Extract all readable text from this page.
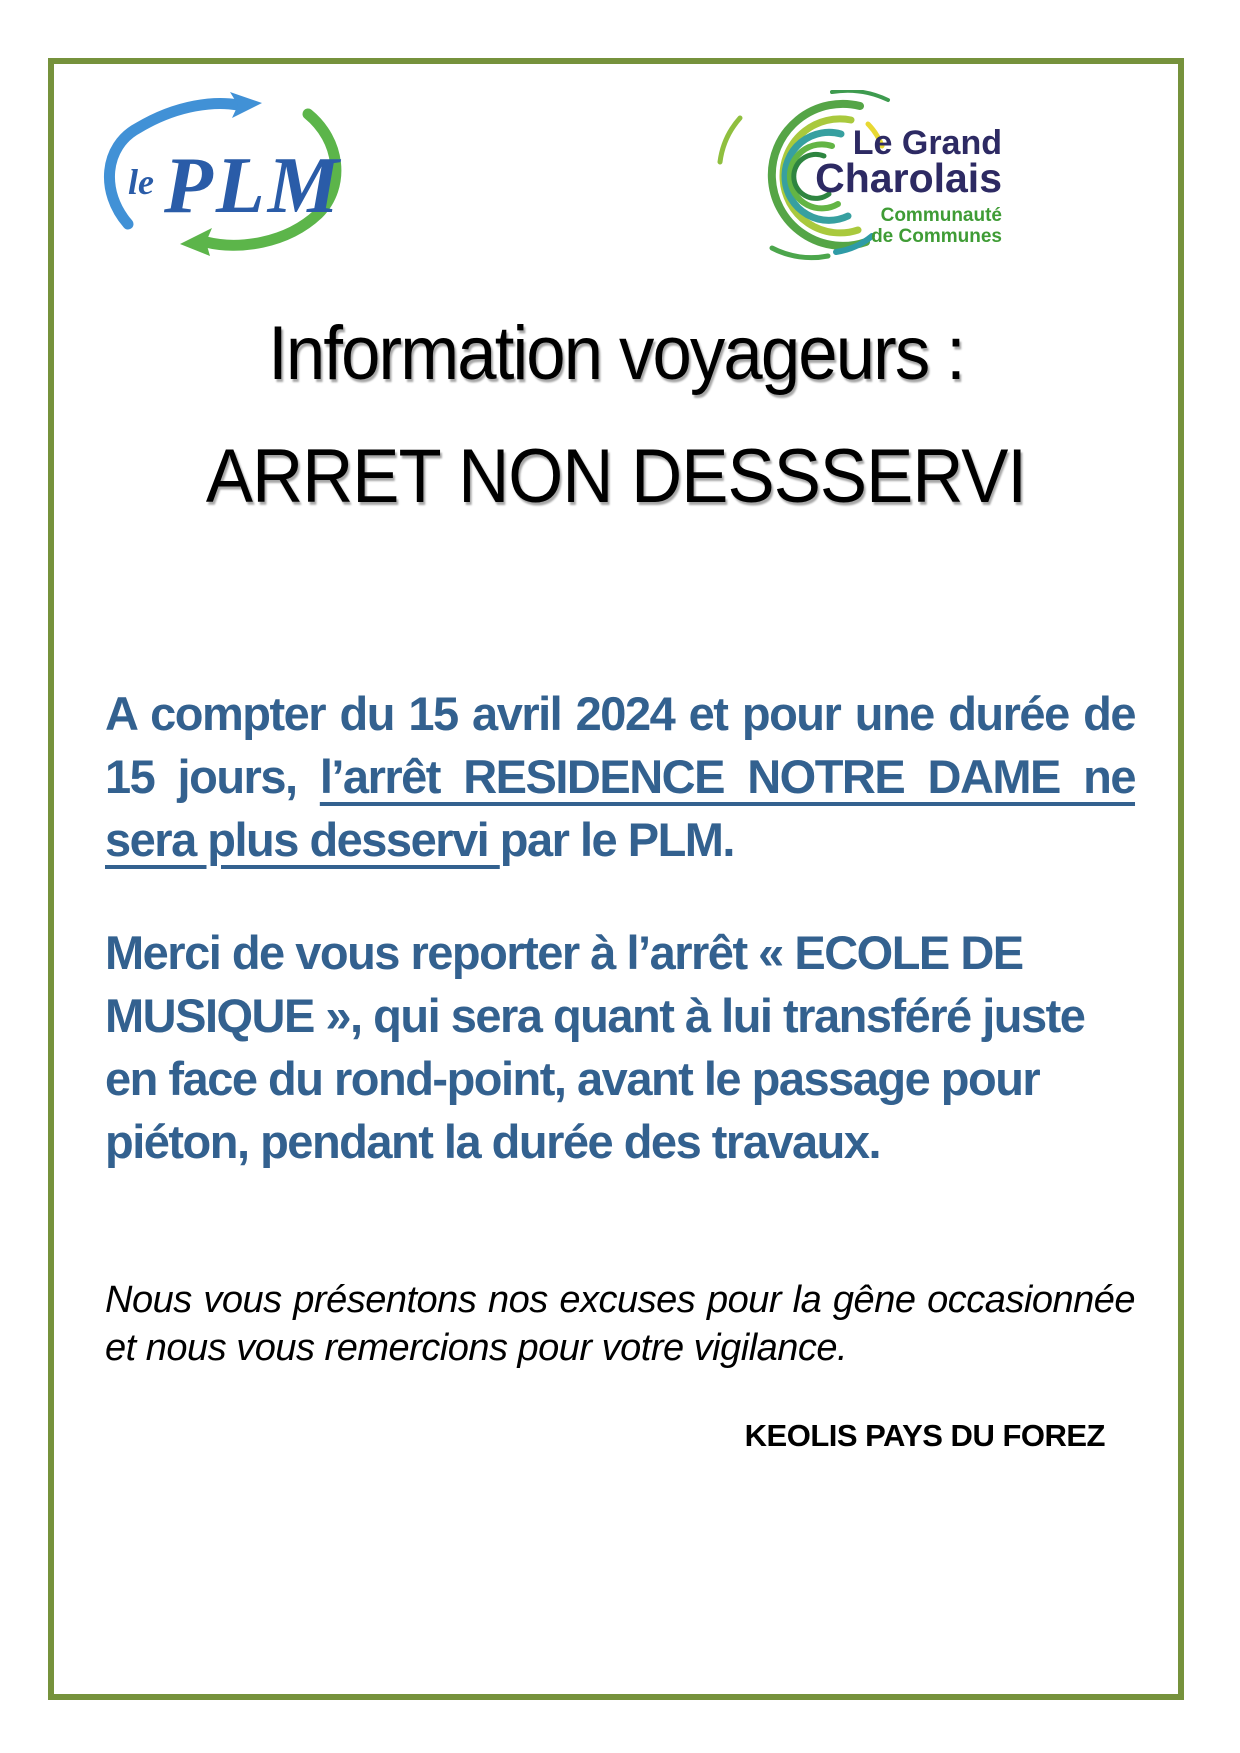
le PLM	Le Grand
Charolais
Communauté
de Communes
Information voyageurs :
ARRET NON DESSSERVI
A compter du 15 avril 2024 et pour une durée de 15 jours, l’arrêt RESIDENCE NOTRE DAME ne sera plus desservi par le PLM.
Merci de vous reporter à l’arrêt « ECOLE DE MUSIQUE », qui sera quant à lui transféré juste en face du rond-point, avant le passage pour piéton, pendant la durée des travaux.
Nous vous présentons nos excuses pour la gêne occasionnée et nous vous remercions pour votre vigilance.
KEOLIS PAYS DU FOREZ
